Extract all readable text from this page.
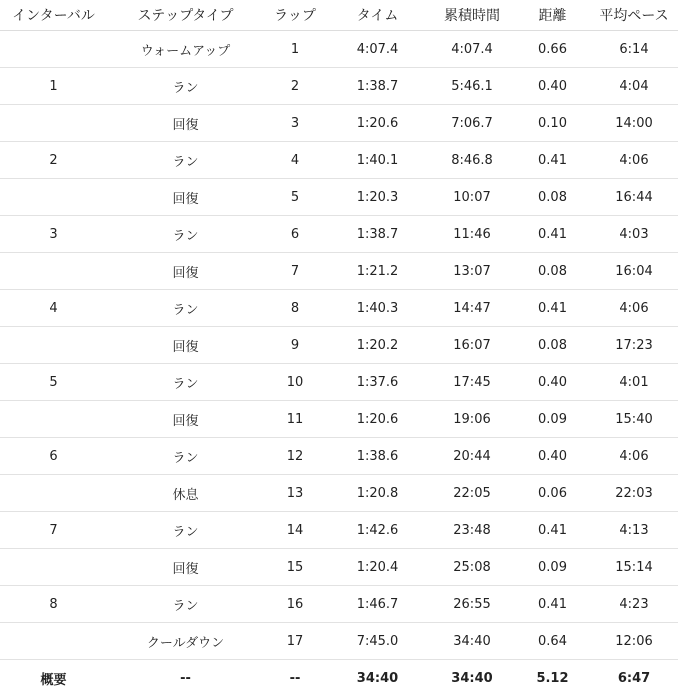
インターバル	ステップタイプ	ラップ	タイム	累積時間	距離	平均ペース
	ウォームアップ	1	4:07.4	4:07.4	0.66	6:14
1	ラン	2	1:38.7	5:46.1	0.40	4:04
	回復	3	1:20.6	7:06.7	0.10	14:00
2	ラン	4	1:40.1	8:46.8	0.41	4:06
	回復	5	1:20.3	10:07	0.08	16:44
3	ラン	6	1:38.7	11:46	0.41	4:03
	回復	7	1:21.2	13:07	0.08	16:04
4	ラン	8	1:40.3	14:47	0.41	4:06
	回復	9	1:20.2	16:07	0.08	17:23
5	ラン	10	1:37.6	17:45	0.40	4:01
	回復	11	1:20.6	19:06	0.09	15:40
6	ラン	12	1:38.6	20:44	0.40	4:06
	休息	13	1:20.8	22:05	0.06	22:03
7	ラン	14	1:42.6	23:48	0.41	4:13
	回復	15	1:20.4	25:08	0.09	15:14
8	ラン	16	1:46.7	26:55	0.41	4:23
	クールダウン	17	7:45.0	34:40	0.64	12:06
概要	--	--	34:40	34:40	5.12	6:47
